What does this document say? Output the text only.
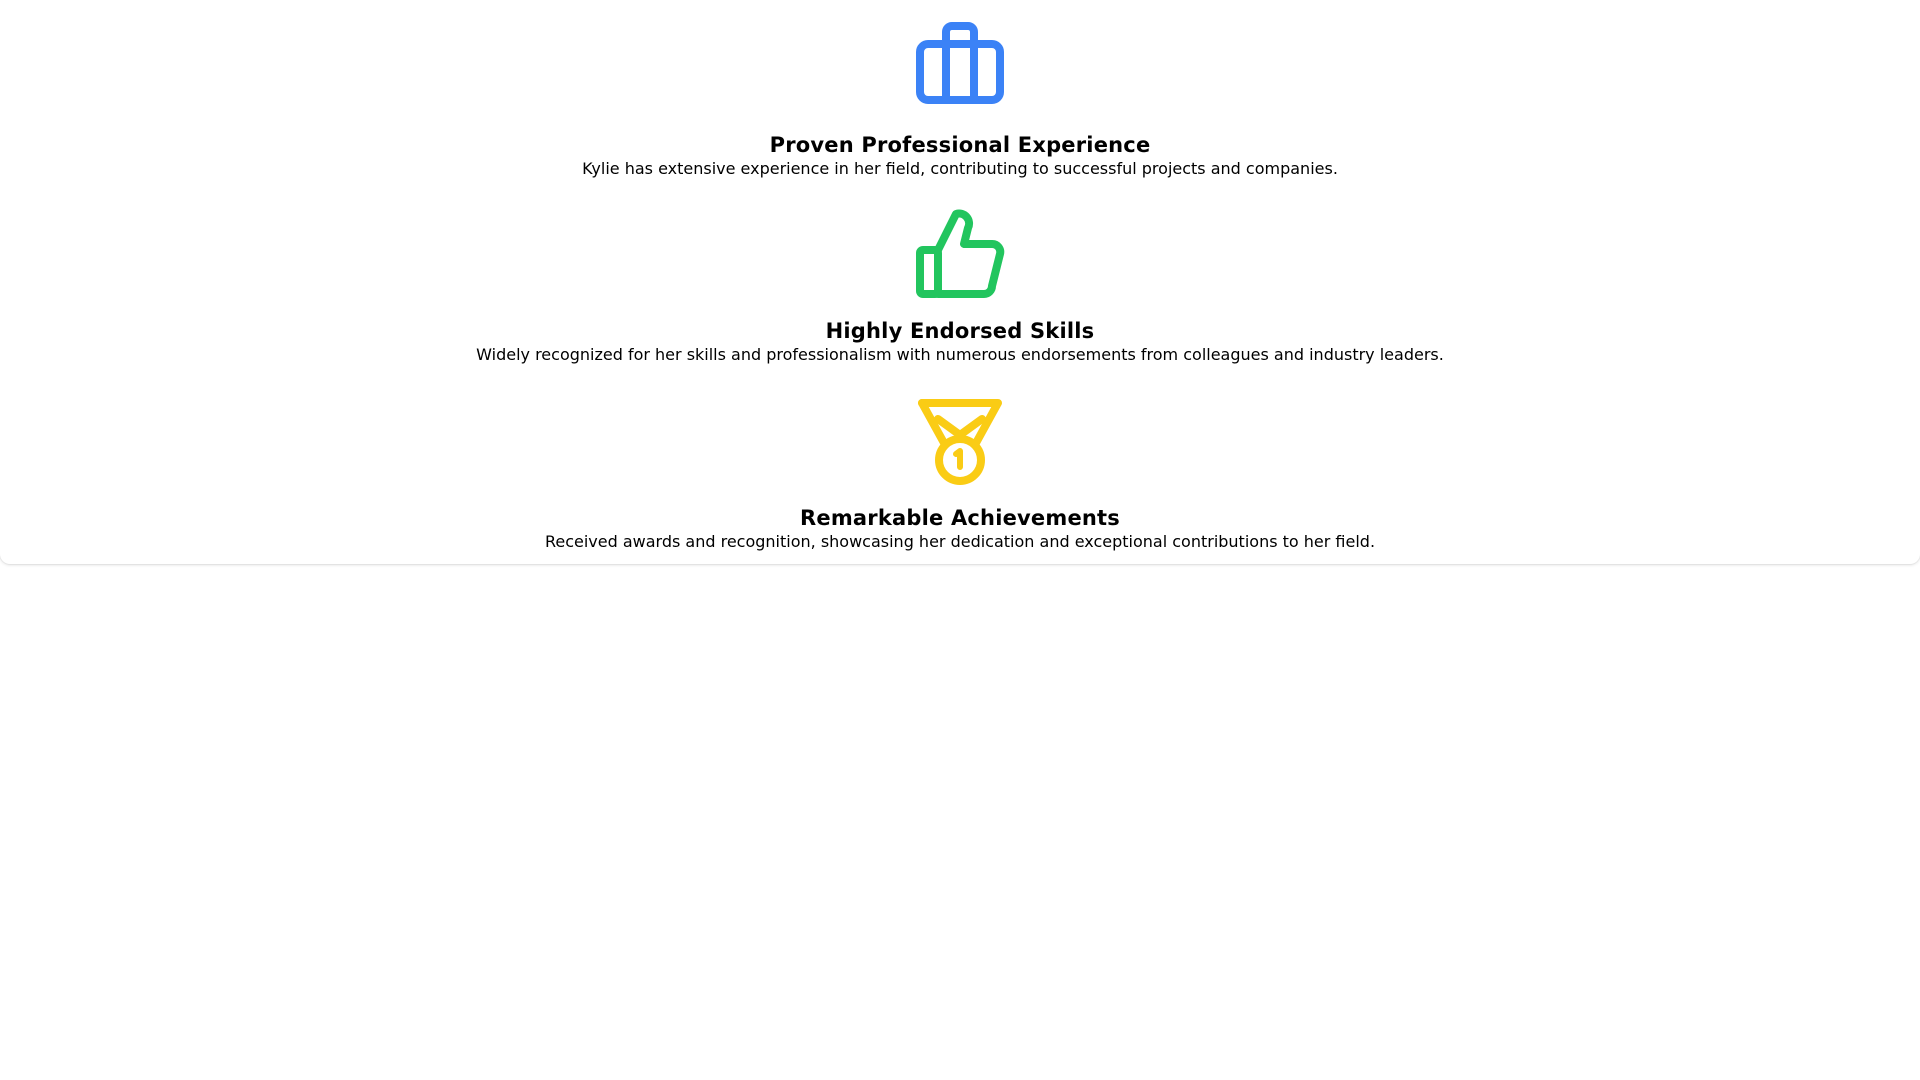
Proven Professional Experience
Kylie has extensive experience in her field, contributing to successful projects and companies.
Highly Endorsed Skills
Widely recognized for her skills and professionalism with numerous endorsements from colleagues and industry leaders.
Remarkable Achievements
Received awards and recognition, showcasing her dedication and exceptional contributions to her field.
